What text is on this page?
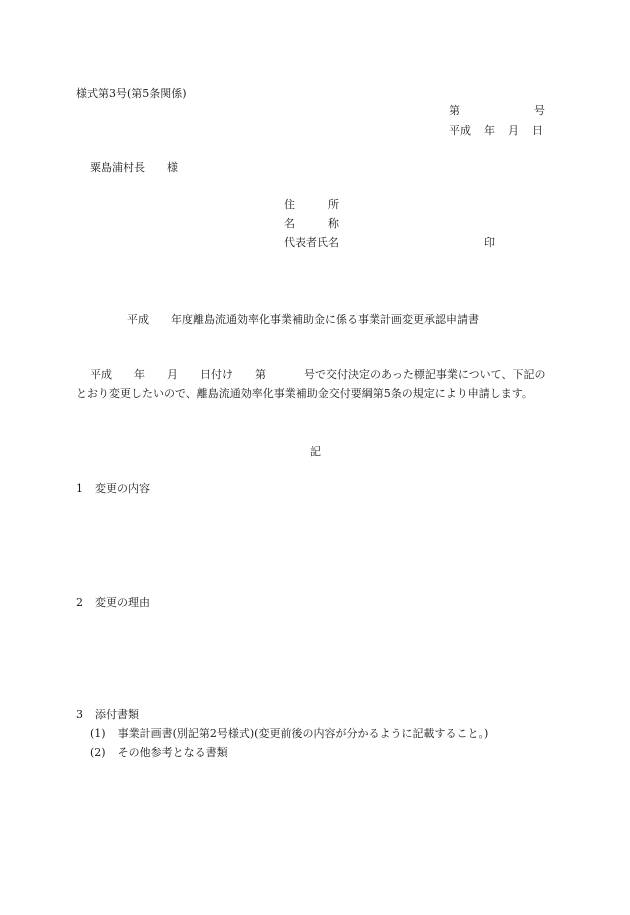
様式第3号(第5条関係)
第	号
平成 年 月 日
粟島浦村長 様
住	所
名	称
代表者氏名	印
平成 年度離島流通効率化事業補助金に係る事業計画変更承認申請書
平成 年 月 日付け 第	号で交付決定のあった標記事業について、下記のとおり変更したいので、離島流通効率化事業補助金交付要綱第5条の規定により申請します。
記
1 変更の内容
2 変更の理由
3 添付書類
(1) 事業計画書(別記第2号様式)(変更前後の内容が分かるように記載すること。)
(2) その他参考となる書類
